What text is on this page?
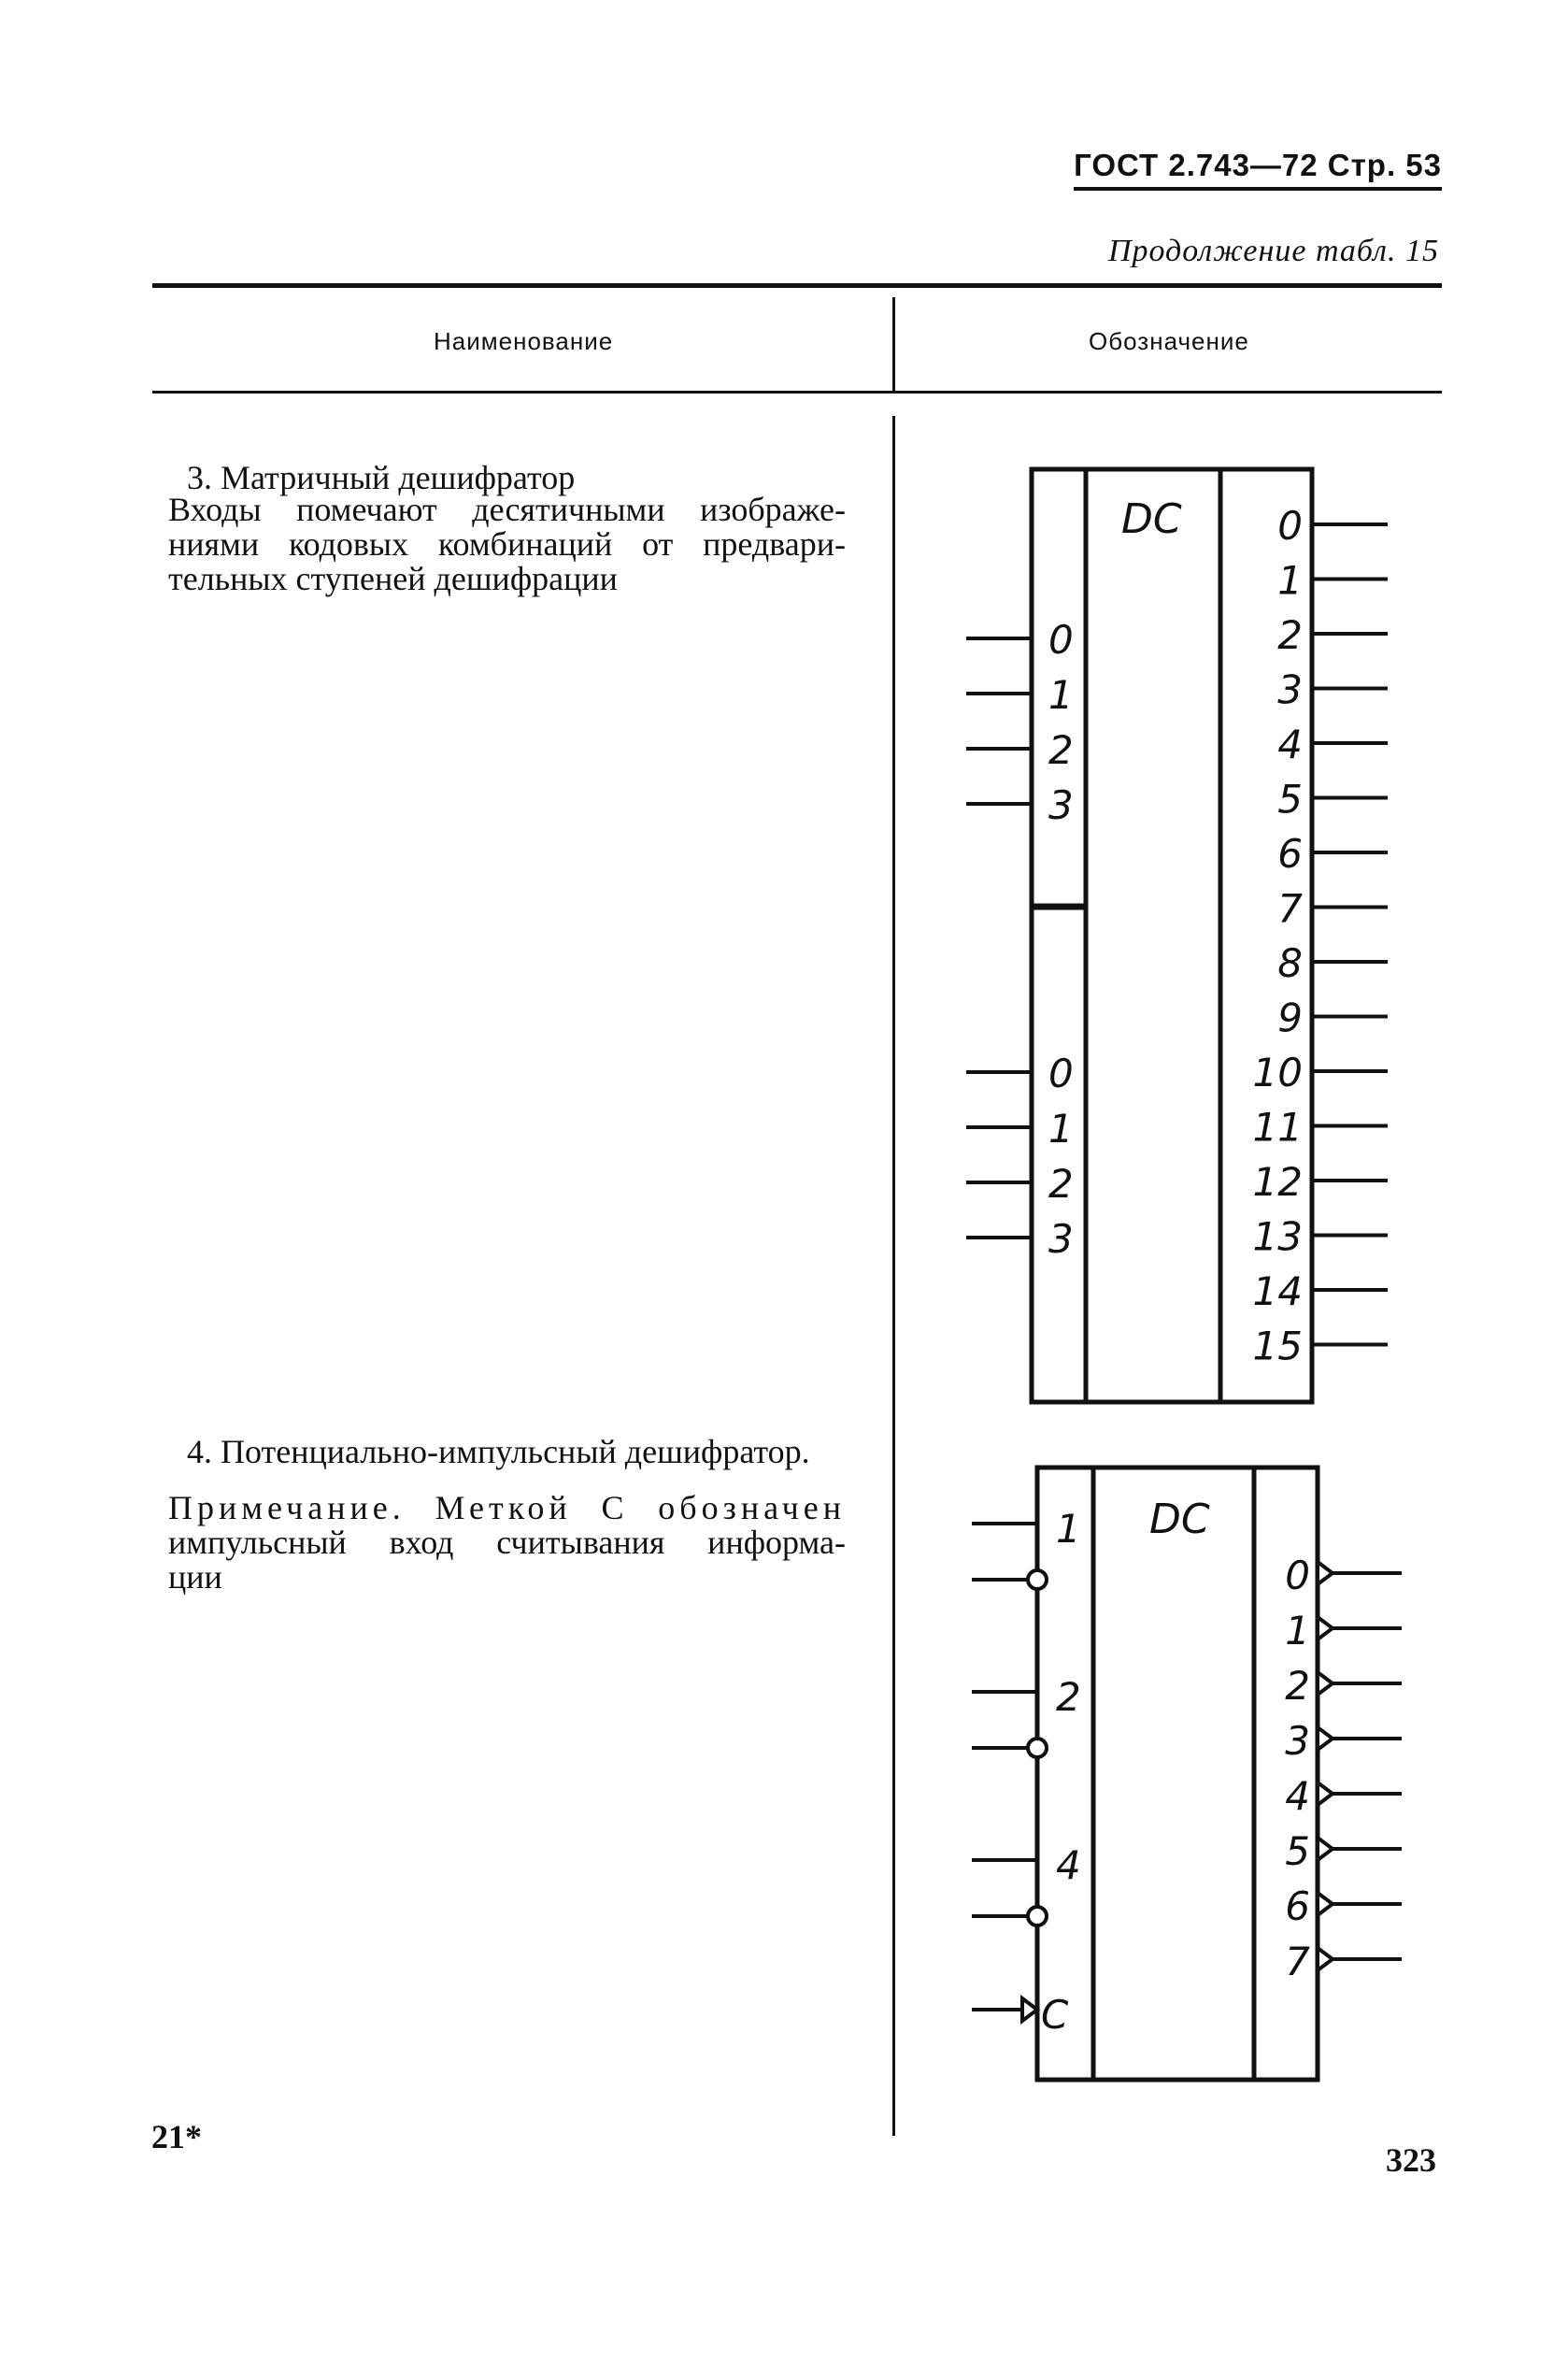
ГОСТ 2.743—72 Стр. 53
Продолжение табл. 15
Наименование	Обозначение
3. Матричный дешифратор
Входы помечают десятичными изображе-
ниями кодовых комбинаций от предвари-
тельных ступеней дешифрации
4. Потенциально-импульсный дешифратор.
Примечание. Меткой С обозначен
импульсный вход считывания информа-
ции
DC
0
1
2
3
0
1
2
3
0
1
2
3
4
5
6
7
8
9
10
11
12
13
14
15
DC
1
2
4
C
0
1
2
3
4
5
6
7
21*
323
